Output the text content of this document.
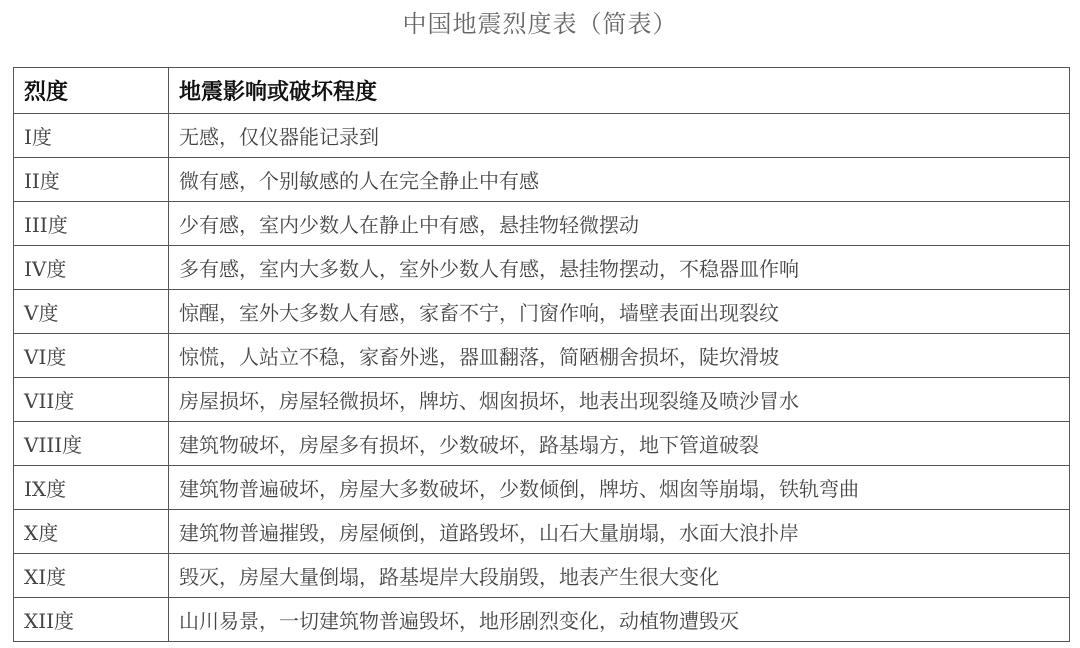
中国地震烈度表（简表）
烈度	地震影响或破坏程度
I度	无感，仅仪器能记录到
II度	微有感，个别敏感的人在完全静止中有感
III度	少有感，室内少数人在静止中有感，悬挂物轻微摆动
IV度	多有感，室内大多数人，室外少数人有感，悬挂物摆动，不稳器皿作响
V度	惊醒，室外大多数人有感，家畜不宁，门窗作响，墙壁表面出现裂纹
VI度	惊慌，人站立不稳，家畜外逃，器皿翻落，简陋棚舍损坏，陡坎滑坡
VII度	房屋损坏，房屋轻微损坏，牌坊、烟囱损坏，地表出现裂缝及喷沙冒水
VIII度	建筑物破坏，房屋多有损坏，少数破坏，路基塌方，地下管道破裂
IX度	建筑物普遍破坏，房屋大多数破坏，少数倾倒，牌坊、烟囱等崩塌，铁轨弯曲
X度	建筑物普遍摧毁，房屋倾倒，道路毁坏，山石大量崩塌，水面大浪扑岸
XI度	毁灭，房屋大量倒塌，路基堤岸大段崩毁，地表产生很大变化
XII度	山川易景，一切建筑物普遍毁坏，地形剧烈变化，动植物遭毁灭
